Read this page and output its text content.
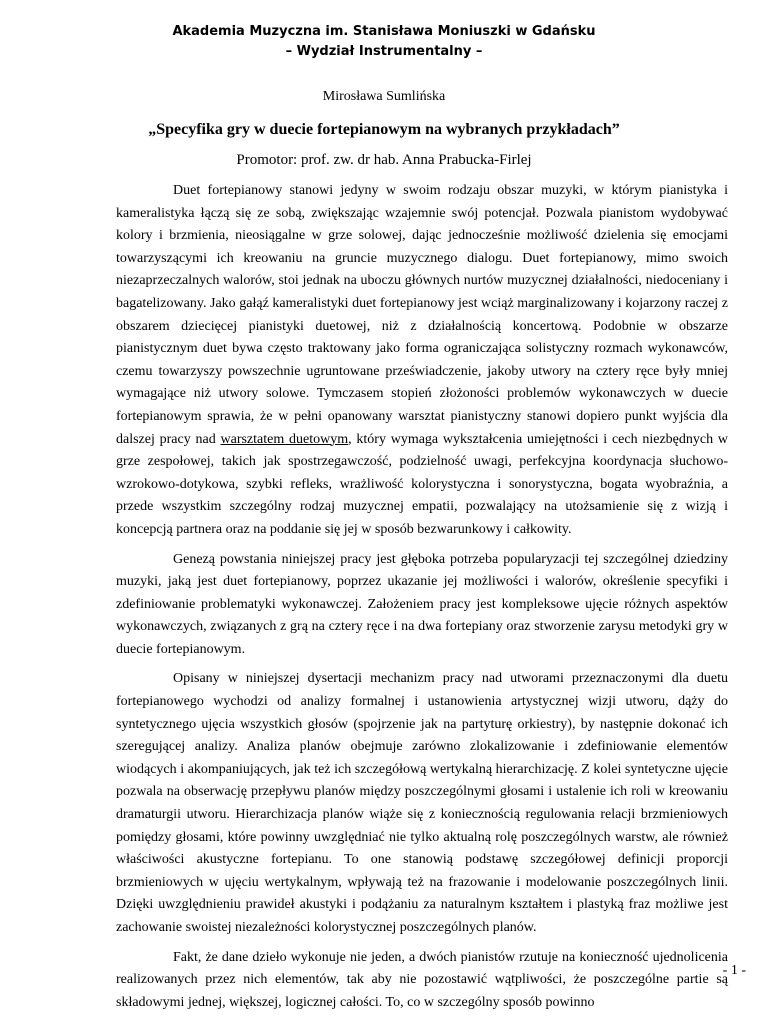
Akademia Muzyczna im. Stanisława Moniuszki w Gdańsku
– Wydział Instrumentalny –
Mirosława Sumlińska
„Specyfika gry w duecie fortepianowym na wybranych przykładach”
Promotor: prof. zw. dr hab. Anna Prabucka-Firlej

Duet fortepianowy stanowi jedyny w swoim rodzaju obszar muzyki, w którym pianistyka i kameralistyka łączą się ze sobą, zwiększając wzajemnie swój potencjał. Pozwala pianistom wydobywać kolory i brzmienia, nieosiągalne w grze solowej, dając jednocześnie możliwość dzielenia się emocjami towarzyszącymi ich kreowaniu na gruncie muzycznego dialogu. Duet fortepianowy, mimo swoich niezaprzeczalnych walorów, stoi jednak na uboczu głównych nurtów muzycznej działalności, niedoceniany i bagatelizowany. Jako gałąź kameralistyki duet fortepianowy jest wciąż marginalizowany i kojarzony raczej z obszarem dziecięcej pianistyki duetowej, niż z działalnością koncertową. Podobnie w obszarze pianistycznym duet bywa często traktowany jako forma ograniczająca solistyczny rozmach wykonawców, czemu towarzyszy powszechnie ugruntowane przeświadczenie, jakoby utwory na cztery ręce były mniej wymagające niż utwory solowe. Tymczasem stopień złożoności problemów wykonawczych w duecie fortepianowym sprawia, że w pełni opanowany warsztat pianistyczny stanowi dopiero punkt wyjścia dla dalszej pracy nad warsztatem duetowym, który wymaga wykształcenia umiejętności i cech niezbędnych w grze zespołowej, takich jak spostrzegawczość, podzielność uwagi, perfekcyjna koordynacja słuchowo- wzrokowo-dotykowa, szybki refleks, wrażliwość kolorystyczna i sonorystyczna, bogata wyobraźnia, a przede wszystkim szczególny rodzaj muzycznej empatii, pozwalający na utożsamienie się z wizją i koncepcją partnera oraz na poddanie się jej w sposób bezwarunkowy i całkowity.

Genezą powstania niniejszej pracy jest głęboka potrzeba popularyzacji tej szczególnej dziedziny muzyki, jaką jest duet fortepianowy, poprzez ukazanie jej możliwości i walorów, określenie specyfiki i zdefiniowanie problematyki wykonawczej. Założeniem pracy jest kompleksowe ujęcie różnych aspektów wykonawczych, związanych z grą na cztery ręce i na dwa fortepiany oraz stworzenie zarysu metodyki gry w duecie fortepianowym.

Opisany w niniejszej dysertacji mechanizm pracy nad utworami przeznaczonymi dla duetu fortepianowego wychodzi od analizy formalnej i ustanowienia artystycznej wizji utworu, dąży do syntetycznego ujęcia wszystkich głosów (spojrzenie jak na partyturę orkiestry), by następnie dokonać ich szeregującej analizy. Analiza planów obejmuje zarówno zlokalizowanie i zdefiniowanie elementów wiodących i akompaniujących, jak też ich szczegółową wertykalną hierarchizację. Z kolei syntetyczne ujęcie pozwala na obserwację przepływu planów między poszczególnymi głosami i ustalenie ich roli w kreowaniu dramaturgii utworu. Hierarchizacja planów wiąże się z koniecznością regulowania relacji brzmieniowych pomiędzy głosami, które powinny uwzględniać nie tylko aktualną rolę poszczególnych warstw, ale również właściwości akustyczne fortepianu. To one stanowią podstawę szczegółowej definicji proporcji brzmieniowych w ujęciu wertykalnym, wpływają też na frazowanie i modelowanie poszczególnych linii. Dzięki uwzględnieniu prawideł akustyki i podążaniu za naturalnym kształtem i plastyką fraz możliwe jest zachowanie swoistej niezależności kolorystycznej poszczególnych planów.

Fakt, że dane dzieło wykonuje nie jeden, a dwóch pianistów rzutuje na konieczność ujednolicenia realizowanych przez nich elementów, tak aby nie pozostawić wątpliwości, że poszczególne partie są składowymi jednej, większej, logicznej całości. To, co w szczególny sposób powinno

- 1 -
